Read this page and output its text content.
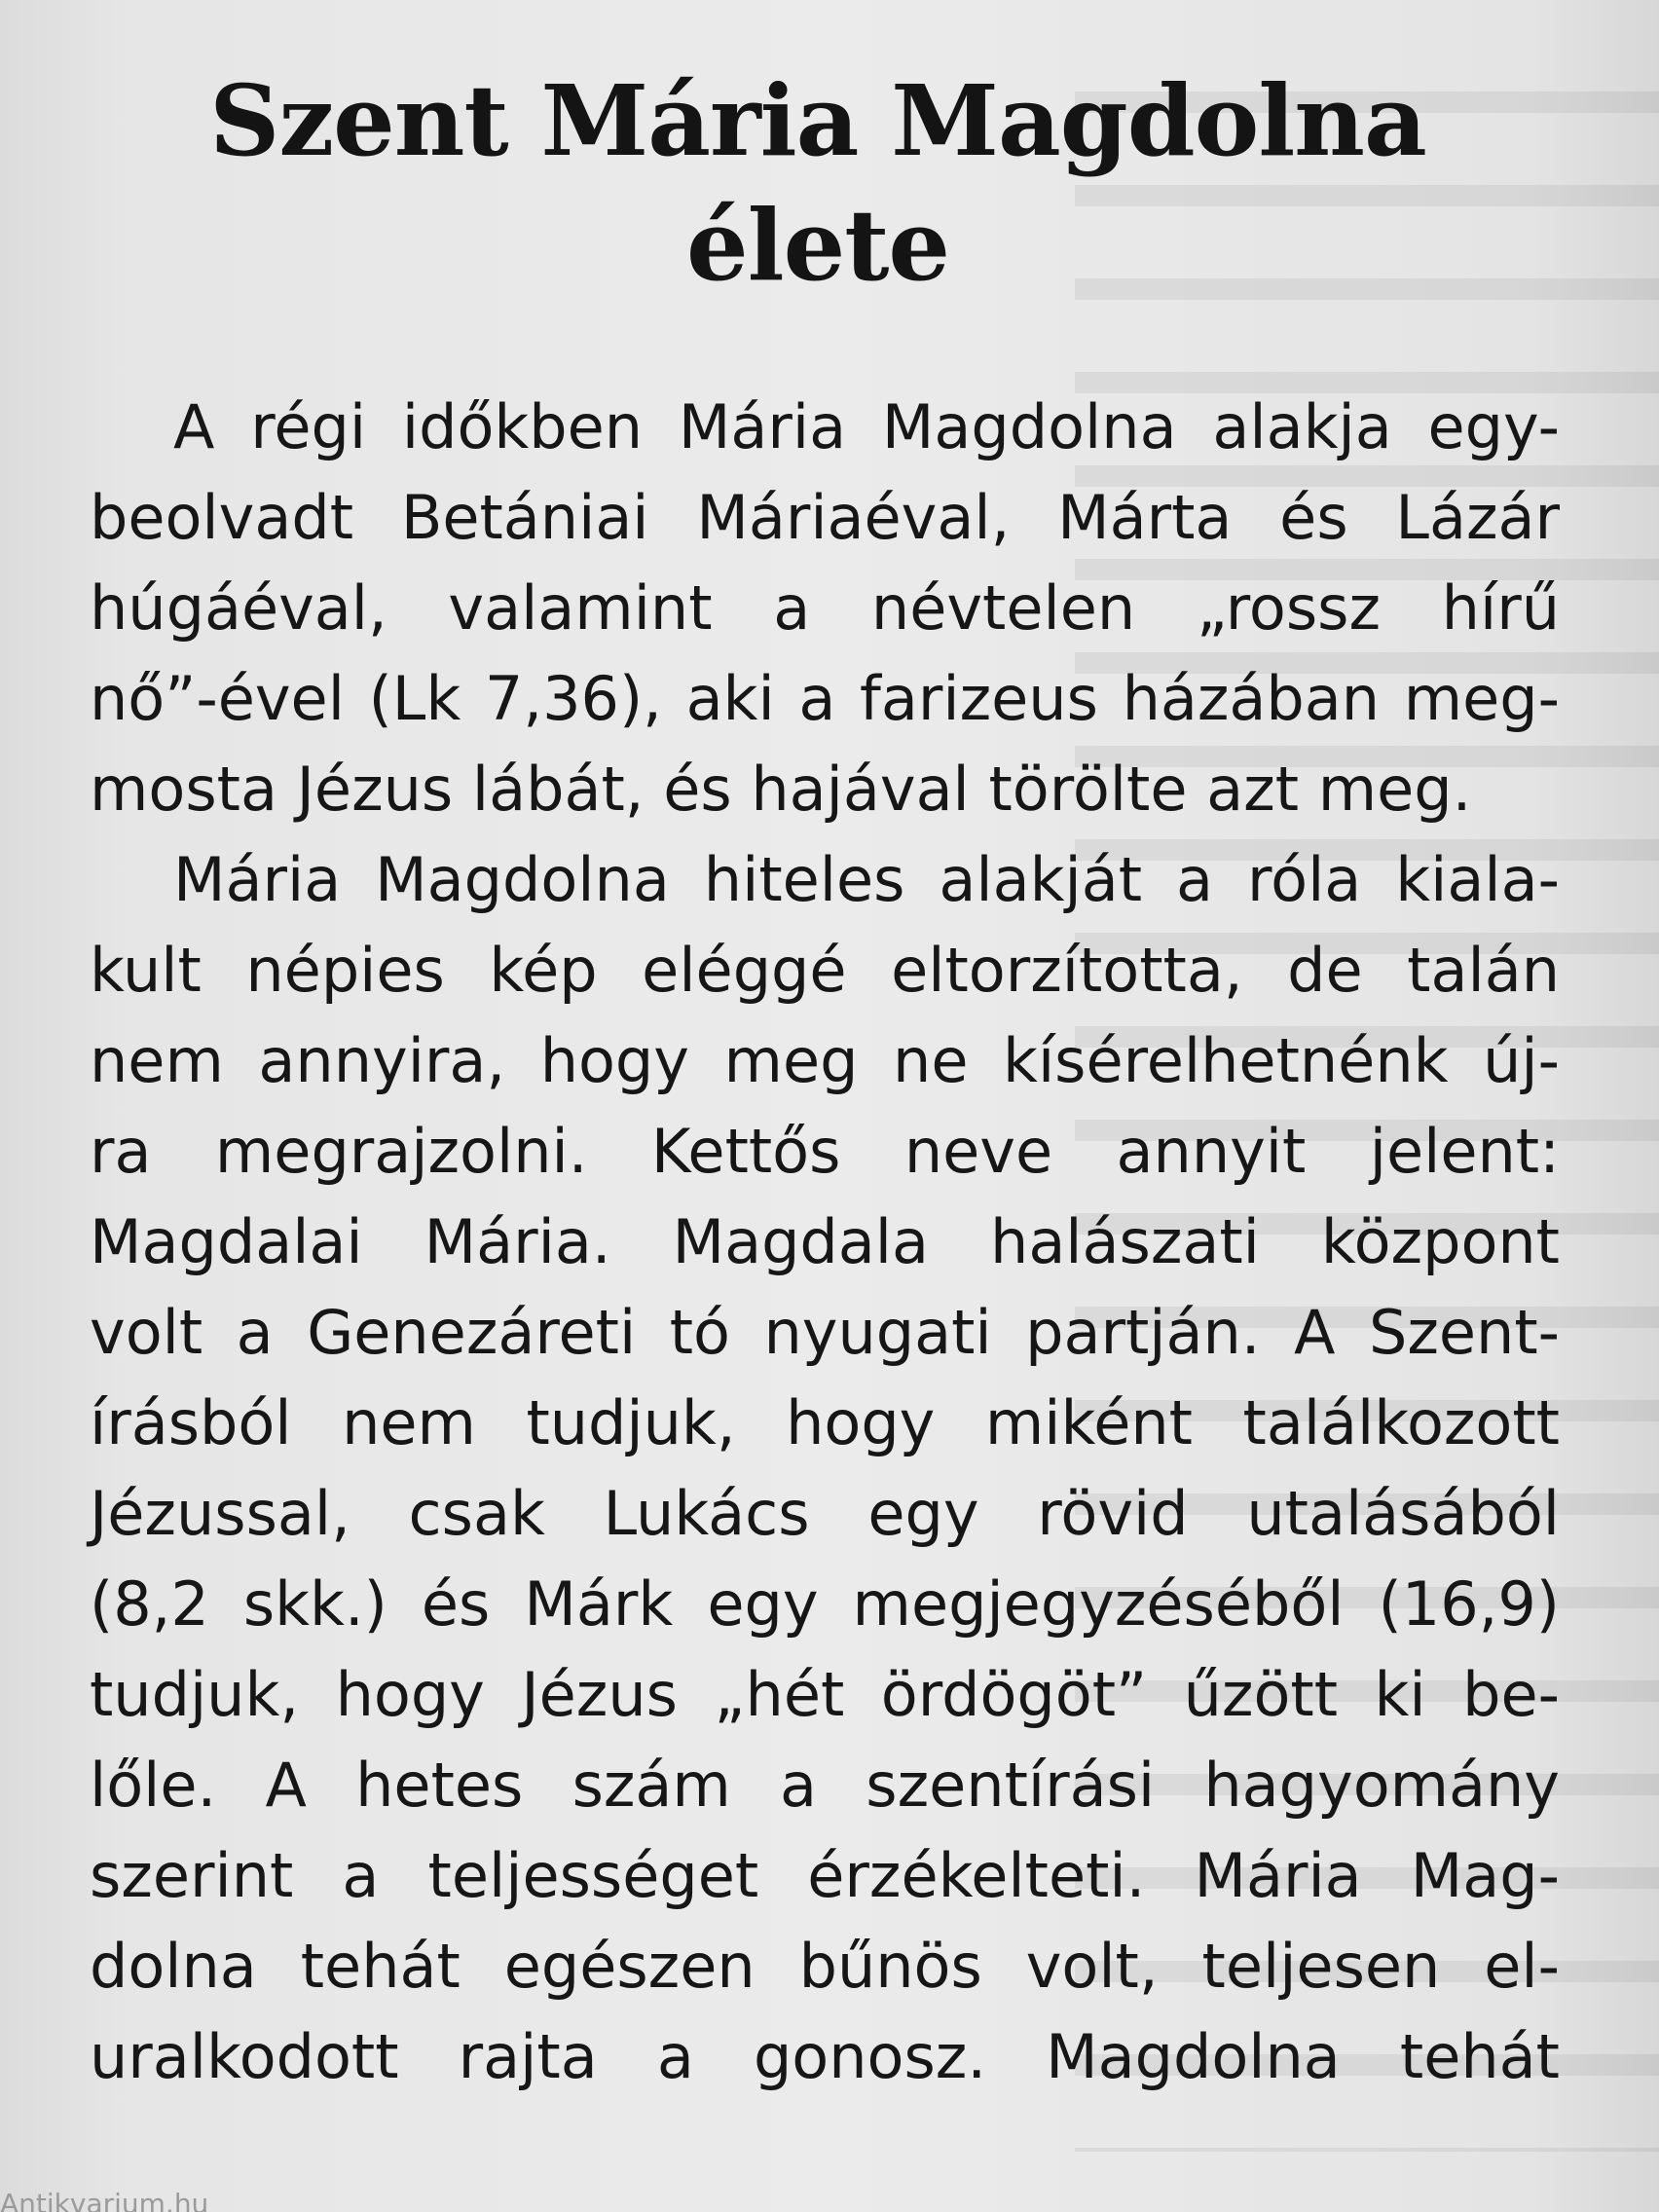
Szent Mária Magdolna
élete
A régi időkben Mária Magdolna alakja egy-
beolvadt Betániai Máriaéval, Márta és Lázár
húgáéval, valamint a névtelen „rossz hírű
nő”-ével (Lk 7,36), aki a farizeus házában meg-
mosta Jézus lábát, és hajával törölte azt meg.
Mária Magdolna hiteles alakját a róla kiala-
kult népies kép eléggé eltorzította, de talán
nem annyira, hogy meg ne kísérelhetnénk új-
ra megrajzolni. Kettős neve annyit jelent:
Magdalai Mária. Magdala halászati központ
volt a Genezáreti tó nyugati partján. A Szent-
írásból nem tudjuk, hogy miként találkozott
Jézussal, csak Lukács egy rövid utalásából
(8,2 skk.) és Márk egy megjegyzéséből (16,9)
tudjuk, hogy Jézus „hét ördögöt” űzött ki be-
lőle. A hetes szám a szentírási hagyomány
szerint a teljességet érzékelteti. Mária Mag-
dolna tehát egészen bűnös volt, teljesen el-
uralkodott rajta a gonosz. Magdolna tehát
Antikvarium.hu
